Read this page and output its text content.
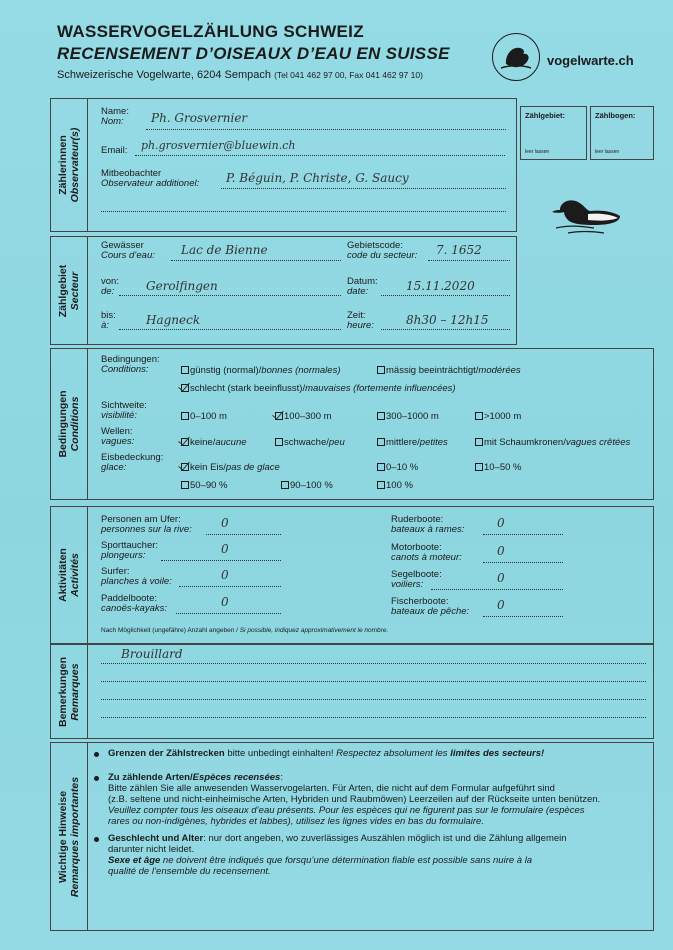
WASSERVOGELZÄHLUNG SCHWEIZ
RECENSEMENT D’OISEAUX D’EAU EN SUISSE
Schweizerische Vogelwarte, 6204 Sempach (Tel 041 462 97 00, Fax 041 462 97 10)
vogelwarte.ch
Zählerinnen Observateur(s)
Name:
Nom:	Ph. Grosvernier
Email: ph.grosvernier@bluewin.ch
Mitbeobachter
Observateur additionel: P. Béguin, P. Christe, G. Saucy
Zählgebiet:
leer lassen
Zählbogen:
leer lassen
Zählgebiet Secteur
Gewässer
Cours d’eau: Lac de Bienne	Gebietscode:
code du secteur: 7. 1652
von:
de:	Gerolfingen	Datum:
date:	15.11.2020
bis:
à:	Hagneck	Zeit:
heure:	8h30 – 12h15
Bedingungen Conditions
Bedingungen:
Conditions:	günstig (normal)/bonnes (normales)	mässig beeinträchtigt/modérées
schlecht (stark beeinflusst)/mauvaises (fortemente influencées)
Sichtweite:
visibilité:	0–100 m	100–300 m	300–1000 m	>1000 m
Wellen:
vagues:	keine/aucune	schwache/peu	mittlere/petites	mit Schaumkronen/vagues crêtées
Eisbedeckung:
glace:	kein Eis/pas de glace	0–10 %	10–50 %
50–90 %	90–100 %	100 %
Aktivitäten Activités
Personen am Ufer:
personnes sur la rive: 0
Sporttaucher:
plongeurs:	0
Surfer:
planches à voile:	0
Paddelboote:
canoës-kayaks:	0
Ruderboote:
bateaux à rames:	0
Motorboote:
canots à moteur:	0
Segelboote:
voiliers:	0
Fischerboote:
bateaux de pêche: 0
Nach Möglichkeit (ungefähre) Anzahl angeben / Si possible, indiquez approximativement le nombre.
Bemerkungen Remarques
Brouillard
Wichtige Hinweise Remarques importantes
Grenzen der Zählstrecken bitte unbedingt einhalten! Respectez absolument les limites des secteurs!
Zu zählende Arten/Espèces recensées:
Bitte zählen Sie alle anwesenden Wasservogelarten. Für Arten, die nicht auf dem Formular aufgeführt sind
(z.B. seltene und nicht-einheimische Arten, Hybriden und Raubmöwen) Leerzeilen auf der Rückseite unten benützen.
Veuillez compter tous les oiseaux d’eau présents. Pour les espèces qui ne figurent pas sur le formulaire (espèces
rares ou non-indigènes, hybrides et labbes), utilisez les lignes vides en bas du formulaire.
Geschlecht und Alter: nur dort angeben, wo zuverlässiges Auszählen möglich ist und die Zählung allgemein
darunter nicht leidet.
Sexe et âge ne doivent être indiqués que forsqu’une détermination fiable est possible sans nuire à la
qualité de l’ensemble du recensement.
